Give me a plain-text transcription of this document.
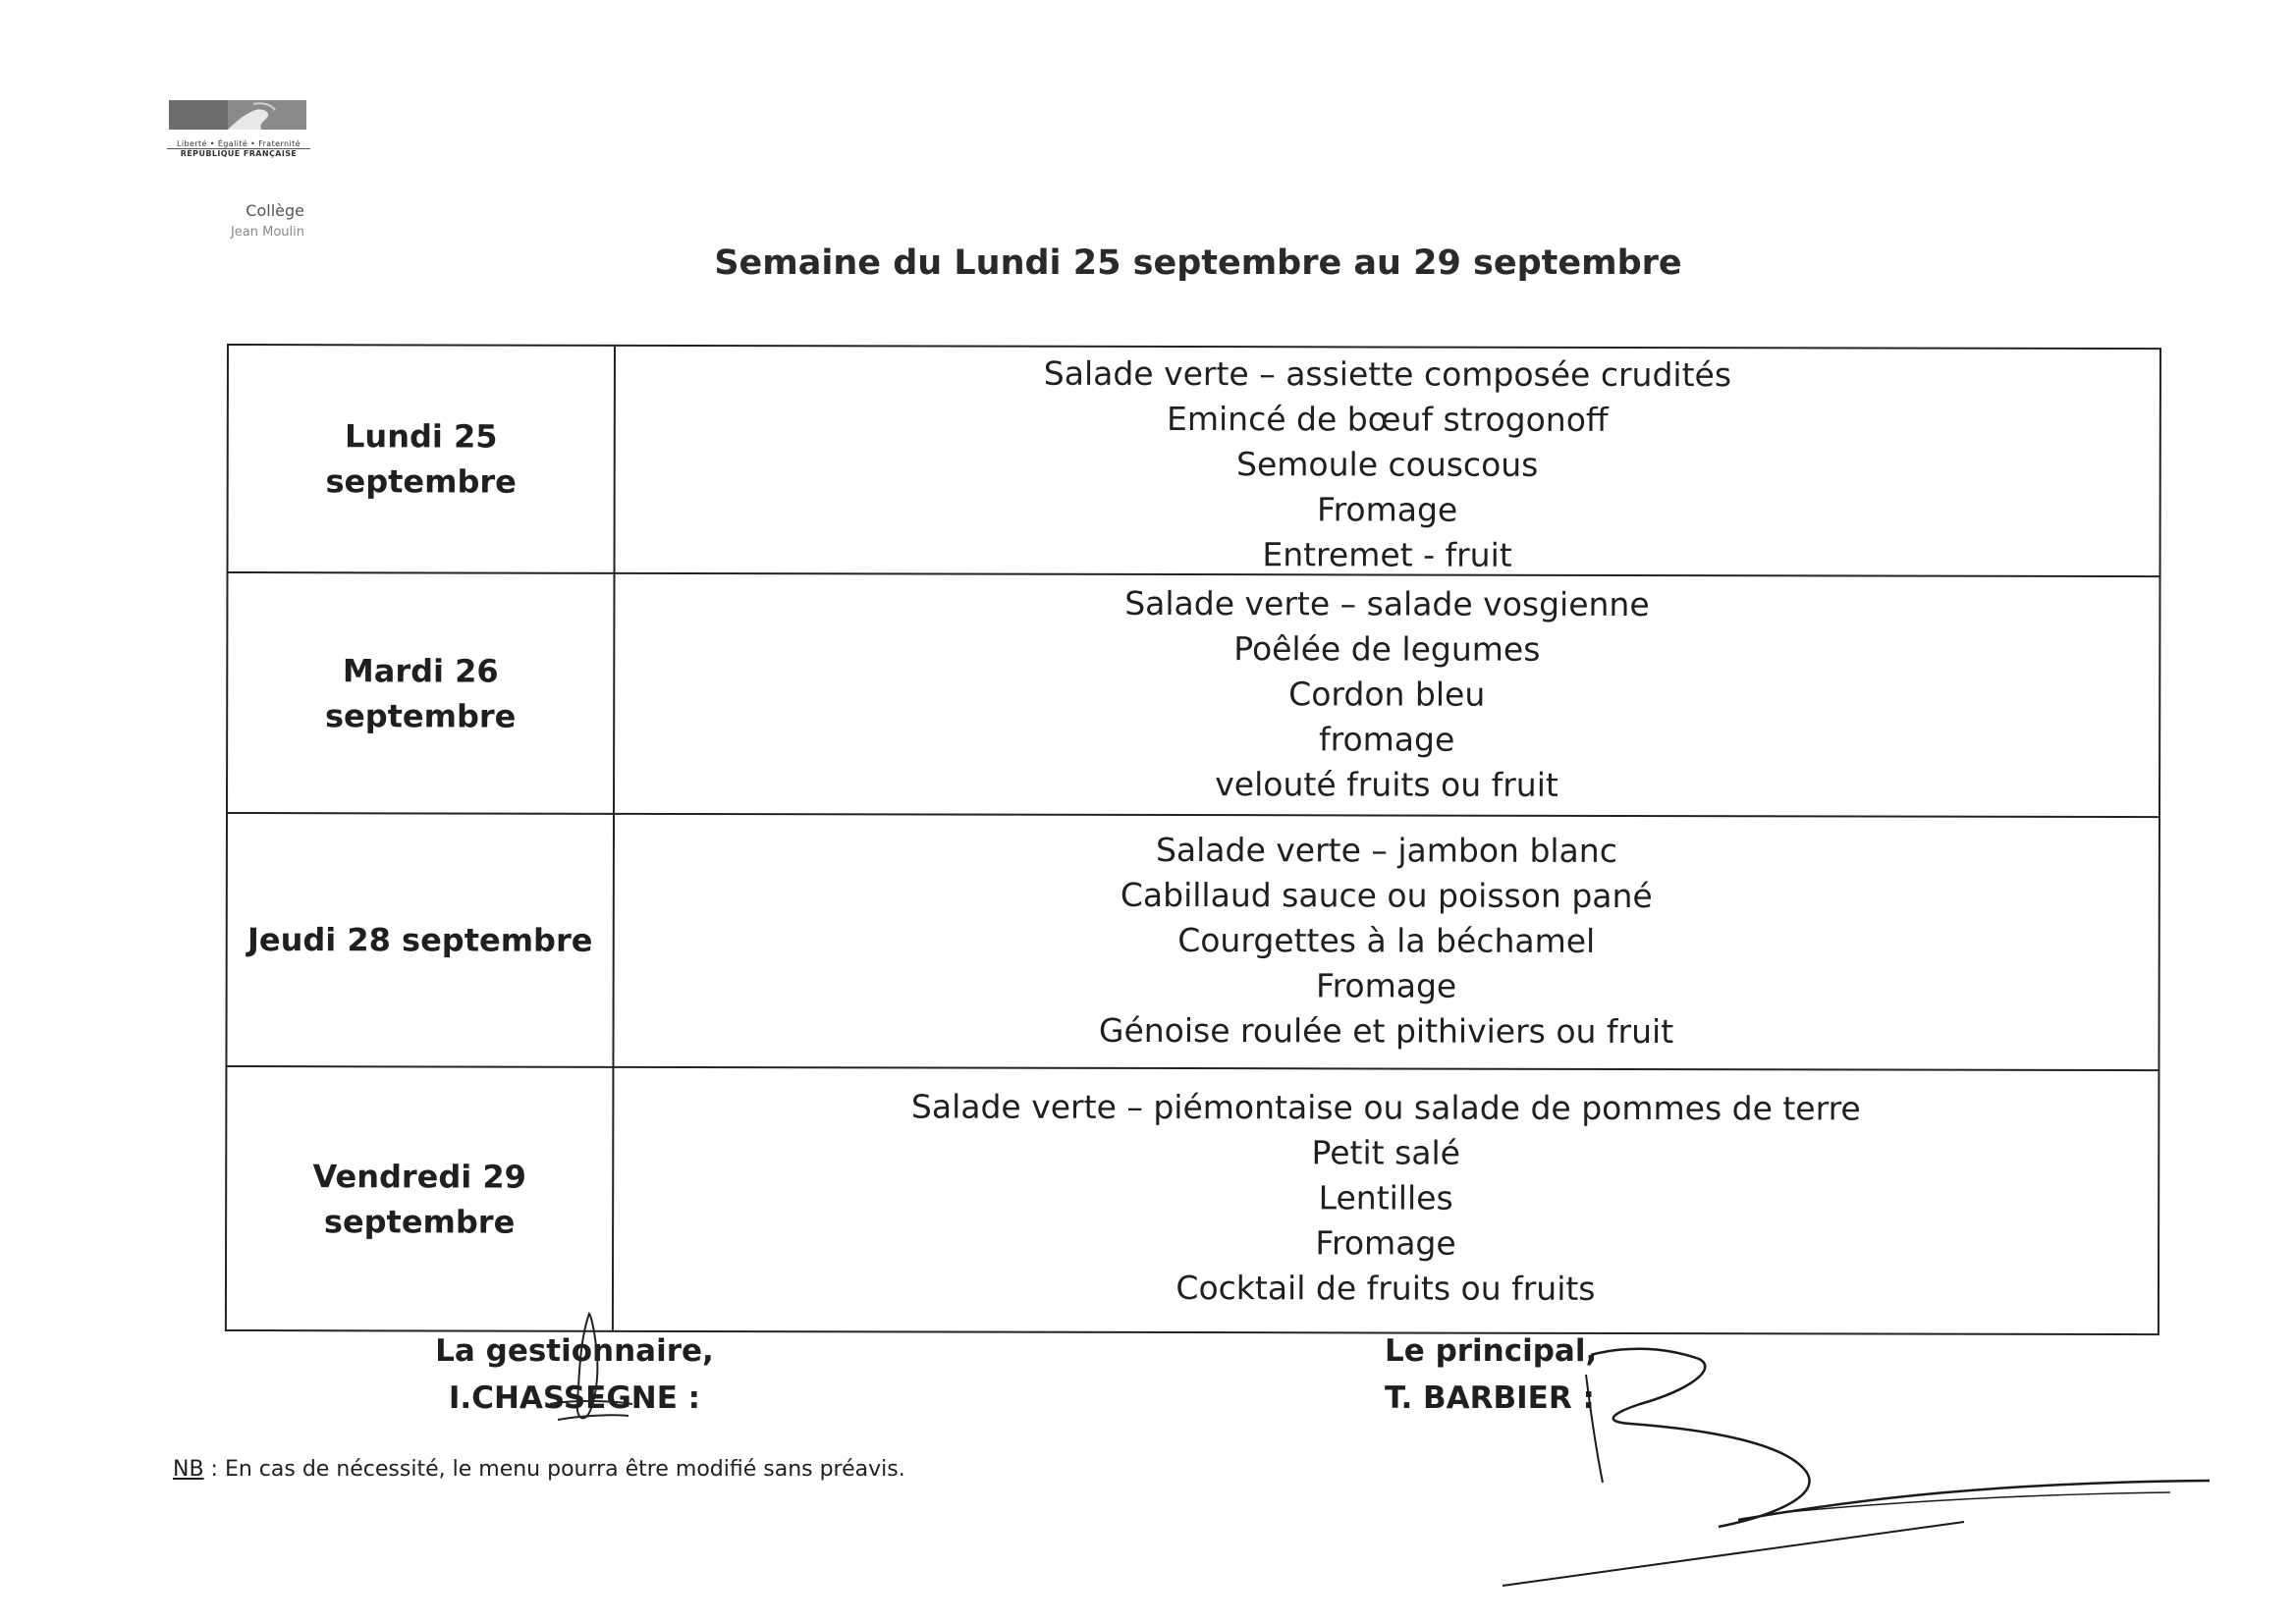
Liberté • Égalité • Fraternité
RÉPUBLIQUE FRANÇAISE
Collège
Jean Moulin
Semaine du Lundi 25 septembre au 29 septembre
Lundi 25 septembre
Salade verte – assiette composée crudités
Emincé de bœuf strogonoff
Semoule couscous
Fromage
Entremet - fruit
Mardi 26 septembre
Salade verte – salade vosgienne
Poêlée de legumes
Cordon bleu
fromage
velouté fruits ou fruit
Jeudi 28 septembre
Salade verte – jambon blanc
Cabillaud sauce ou poisson pané
Courgettes à la béchamel
Fromage
Génoise roulée et pithiviers ou fruit
Vendredi 29 septembre
Salade verte – piémontaise ou salade de pommes de terre
Petit salé
Lentilles
Fromage
Cocktail de fruits ou fruits
La gestionnaire,
I.CHASSEGNE :
Le principal,
T. BARBIER :
NB : En cas de nécessité, le menu pourra être modifié sans préavis.
